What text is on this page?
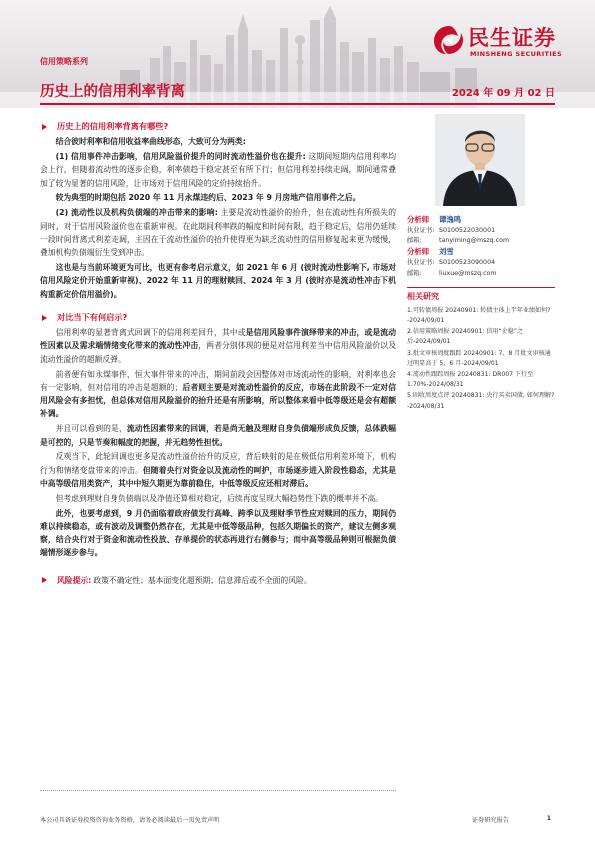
民生证券
MINSHENG SECURITIES
信用策略系列
历史上的信用利率背离	2024 年 09 月 02 日
历史上的信用利率背离有哪些?

结合彼时利率和信用收益率曲线形态，大致可分为两类:

(1) 信用事件冲击影响，信用风险溢价提升的同时流动性溢价也在提升: 这期间短期内信用利率均会上行，但随着流动性的逐步企稳，利率债趋于稳定甚至有所下行；但信用利差持续走阔，期间通常叠加了较为显著的信用风险，让市场对于信用风险的定价持续抬升。

较为典型的时期包括 2020 年 11 月永煤违约后、2023 年 9 月房地产信用事件之后。

(2) 流动性以及机构负债端的冲击带来的影响: 主要是流动性溢价的抬升，但在流动性有所损失的同时，对于信用风险溢价也在重新审视。在此期间利率跌的幅度和时间有限，趋于稳定后，信用仍延续一段时间背离式利差走阔，主因在于流动性溢价的抬升使得更为缺乏流动性的信用修复起来更为缓慢，叠加机构负债端衍生受到冲击。

这也是与当前环境更为可比，也更有参考启示意义，如 2021 年 6 月 (彼时流动性影响下, 市场对信用风险定价开始重新审视)、2022 年 11 月的理财赎回、2024 年 3 月 (彼时亦是流动性冲击下机构重新定价信用溢价)。

对比当下有何启示?

信用利率的显著背离式回调下的信用利差回升，其中或是信用风险事件演绎带来的冲击，或是流动性因素以及需求端情绪变化带来的流动性冲击，两者分别体现的便是对信用利差当中信用风险溢价以及流动性溢价的超额反弹。

前者便有如永煤事件、恒大事件带来的冲击，期间前段会因整体对市场流动性的影响，对利率也会有一定影响，但对信用的冲击是超额的；后者则主要是对流动性溢价的反应，市场在此阶段不一定对信用风险会有多担忧，但总体对信用风险溢价的抬升还是有所影响，所以整体来看中低等级还是会有超额补调。

并且可以看到的是，流动性因素带来的回调，若是尚无触及理财自身负债端形成负反馈，总体跌幅是可控的，只是节奏和幅度的把握，并无趋势性担忧。

反观当下，此轮回调也更多是流动性溢价抬升的反应，背后映射的是在极低信用利差环境下，机构行为和情绪变盘带来的冲击。但随着央行对资金以及流动性的呵护，市场逐步进入阶段性稳态，尤其是中高等级信用类资产，其中中短久期更为靠前稳住，中低等级反应还相对滞后。

但考虑到理财自身负债端以及净值还算相对稳定，后续再度呈现大幅趋势性下跌的概率并不高。

此外，也要考虑到，9 月仍面临着政府债发行高峰、跨季以及理财季节性应对赎回的压力，期间仍难以持续稳态，或有波动及调整仍然存在，尤其是中低等级品种，包括久期偏长的资产，建议左侧多观察，结合央行对于资金和流动性投放、存单提价的状态再进行右侧参与；而中高等级品种则可根据负债端情形逐步参与。

风险提示: 政策不确定性；基本面变化超预期；信息滞后或不全面的风险。
分析师	谭逸鸣
执业证书: S0100522030001
邮箱:	tanyiming@mszq.com
分析师	刘雪
执业证书: S0100523090004
邮箱:	liuxue@mszq.com
相关研究
1.可转债周报 20240901: 转债主体上半年业绩如何? -2024/09/01
2.信用策略周报 20240901: 信用“企稳”之后-2024/09/01
3.批文审核周度跟踪 20240901: 7、8 月批文审核通过明显高于 5、6 月-2024/09/01
4.流动性跟踪周报 20240831: DR007 下行至 1.70%-2024/08/31
5.固收周度点评 20240831: 央行买卖国债, 如何理解? -2024/08/31
本公司具备证券投资咨询业务资格，请务必阅读最后一页免责声明	证券研究报告	1
